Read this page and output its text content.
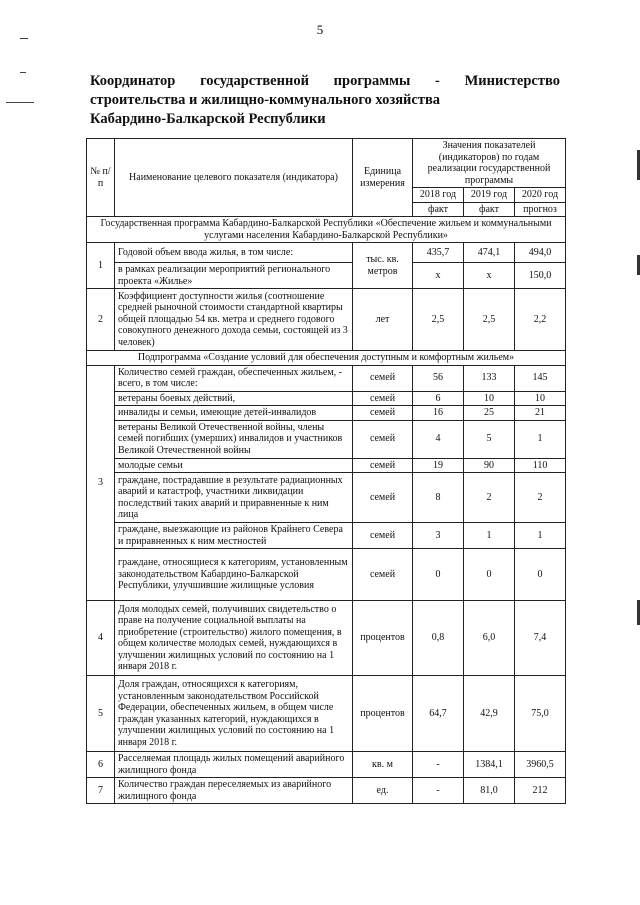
5
Координатор государственной программы - Министерство
строительства и жилищно-коммунального хозяйства
Кабардино-Балкарской Республики
№ п/п	Наименование целевого показателя (индикатора)	Единица измерения	Значения показателей (индикаторов) по годам реализации государственной программы		
			2018 год	2019 год	2020 год
			факт	факт	прогноз
Государственная программа Кабардино-Балкарской Республики «Обеспечение жильем и коммунальными услугами населения Кабардино-Балкарской Республики»					
1	Годовой объем ввода жилья, в том числе:	тыс. кв. метров	435,7	474,1	494,0
	в рамках реализации мероприятий регионального проекта «Жилье»		х	х	150,0
2	Коэффициент доступности жилья (соотношение средней рыночной стоимости стандартной квартиры общей площадью 54 кв. метра и среднего годового совокупного денежного дохода семьи, состоящей из 3 человек)	лет	2,5	2,5	2,2
Подпрограмма «Создание условий для обеспечения доступным и комфортным жильем»					
3	Количество семей граждан, обеспеченных жильем, - всего, в том числе:	семей	56	133	145
	ветераны боевых действий,	семей	6	10	10
	инвалиды и семьи, имеющие детей-инвалидов	семей	16	25	21
	ветераны Великой Отечественной войны, члены семей погибших (умерших) инвалидов и участников Великой Отечественной войны	семей	4	5	1
	молодые семьи	семей	19	90	110
	граждане, пострадавшие в результате радиационных аварий и катастроф, участники ликвидации последствий таких аварий и приравненные к ним лица	семей	8	2	2
	граждане, выезжающие из районов Крайнего Севера и приравненных к ним местностей	семей	3	1	1
	граждане, относящиеся к категориям, установленным законодательством Кабардино-Балкарской Республики, улучшившие жилищные условия	семей	0	0	0
4	Доля молодых семей, получивших свидетельство о праве на получение социальной выплаты на приобретение (строительство) жилого помещения, в общем количестве молодых семей, нуждающихся в улучшении жилищных условий по состоянию на 1 января 2018 г.	процентов	0,8	6,0	7,4
5	Доля граждан, относящихся к категориям, установленным законодательством Российской Федерации, обеспеченных жильем, в общем числе граждан указанных категорий, нуждающихся в улучшении жилищных условий по состоянию на 1 января 2018 г.	процентов	64,7	42,9	75,0
6	Расселяемая площадь жилых помещений аварийного жилищного фонда	кв. м	-	1384,1	3960,5
7	Количество граждан переселяемых из аварийного жилищного фонда	ед.	-	81,0	212
